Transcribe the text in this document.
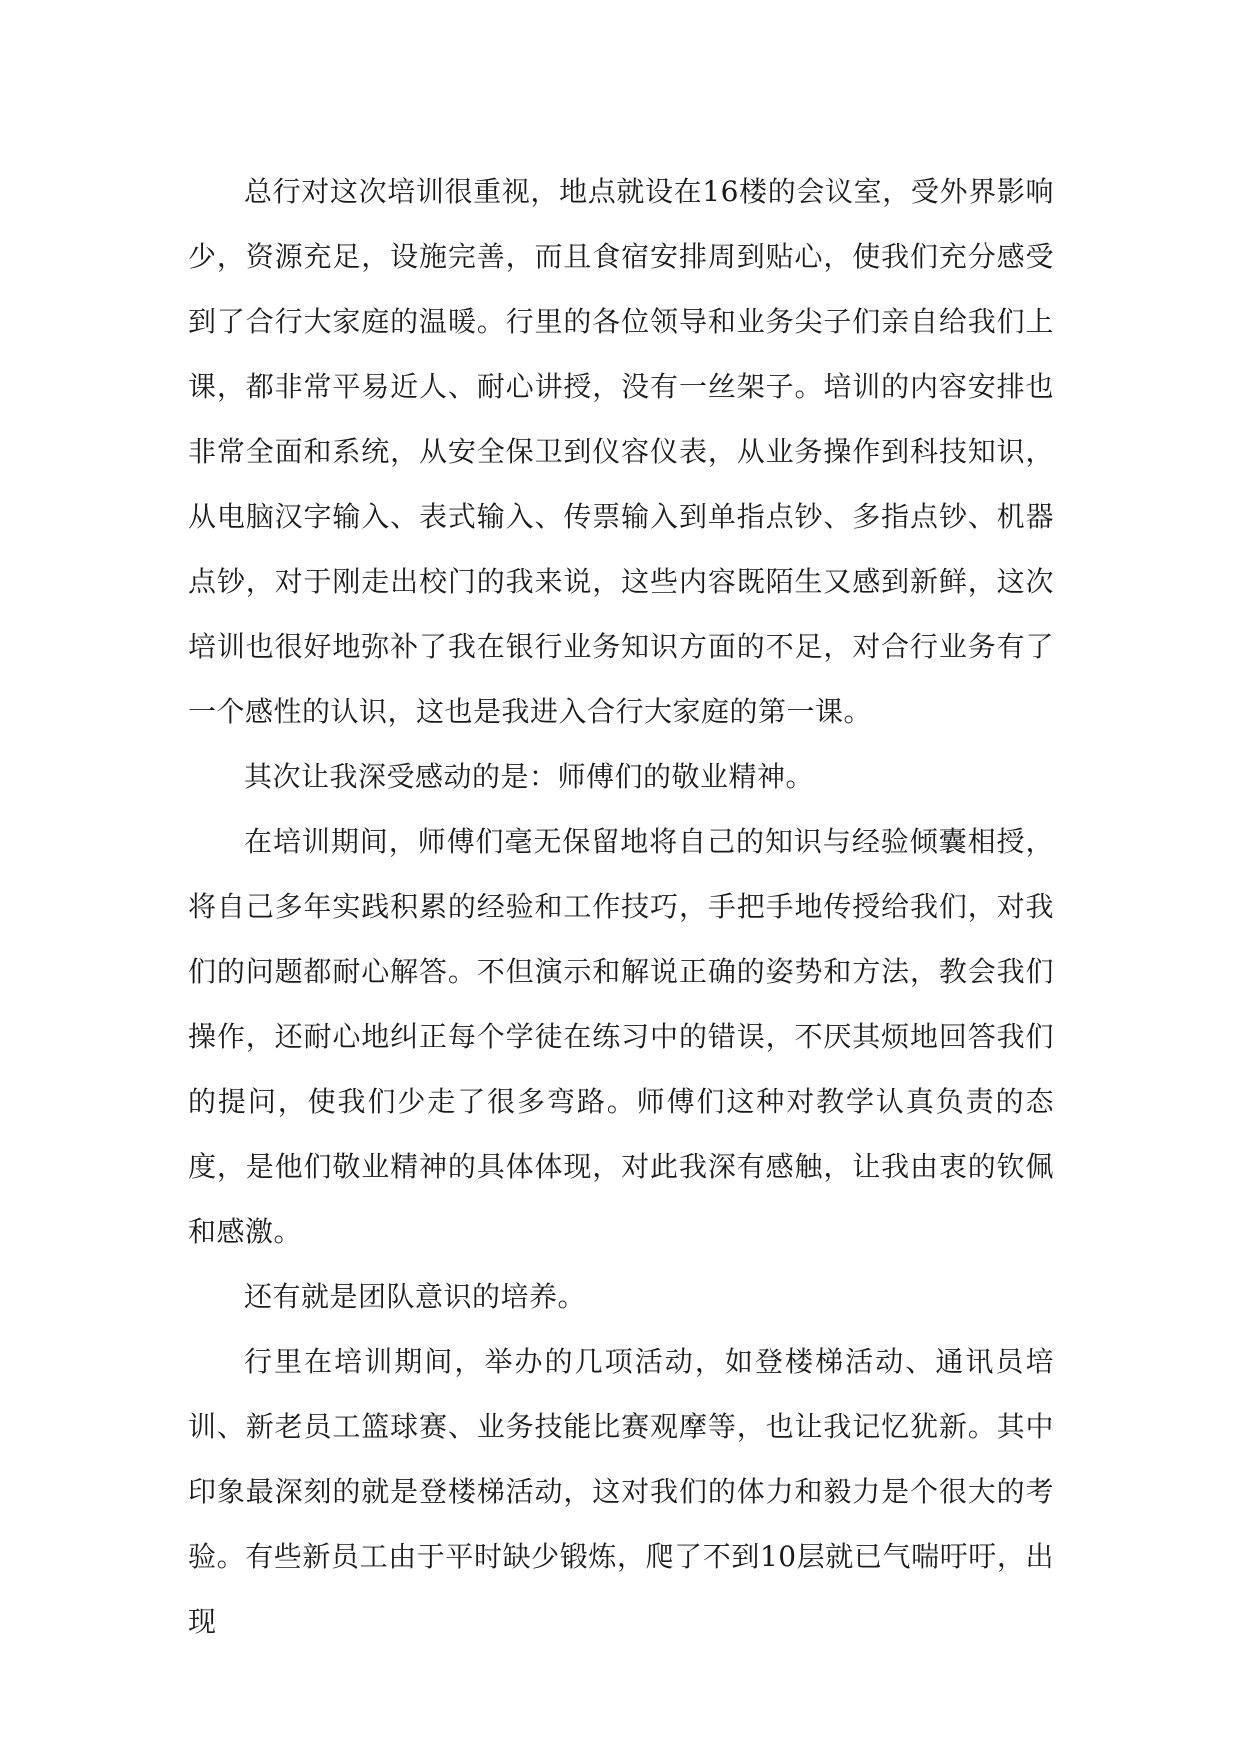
总行对这次培训很重视，地点就设在16楼的会议室，受外界影响少，资源充足，设施完善，而且食宿安排周到贴心，使我们充分感受到了合行大家庭的温暖。行里的各位领导和业务尖子们亲自给我们上课，都非常平易近人、耐心讲授，没有一丝架子。培训的内容安排也非常全面和系统，从安全保卫到仪容仪表，从业务操作到科技知识，从电脑汉字输入、表式输入、传票输入到单指点钞、多指点钞、机器点钞，对于刚走出校门的我来说，这些内容既陌生又感到新鲜，这次培训也很好地弥补了我在银行业务知识方面的不足，对合行业务有了一个感性的认识，这也是我进入合行大家庭的第一课。

其次让我深受感动的是：师傅们的敬业精神。

在培训期间，师傅们毫无保留地将自己的知识与经验倾囊相授，将自己多年实践积累的经验和工作技巧，手把手地传授给我们，对我们的问题都耐心解答。不但演示和解说正确的姿势和方法，教会我们操作，还耐心地纠正每个学徒在练习中的错误，不厌其烦地回答我们的提问，使我们少走了很多弯路。师傅们这种对教学认真负责的态度，是他们敬业精神的具体体现，对此我深有感触，让我由衷的钦佩和感激。

还有就是团队意识的培养。

行里在培训期间，举办的几项活动，如登楼梯活动、通讯员培训、新老员工篮球赛、业务技能比赛观摩等，也让我记忆犹新。其中印象最深刻的就是登楼梯活动，这对我们的体力和毅力是个很大的考验。有些新员工由于平时缺少锻炼，爬了不到10层就已气喘吁吁，出现
